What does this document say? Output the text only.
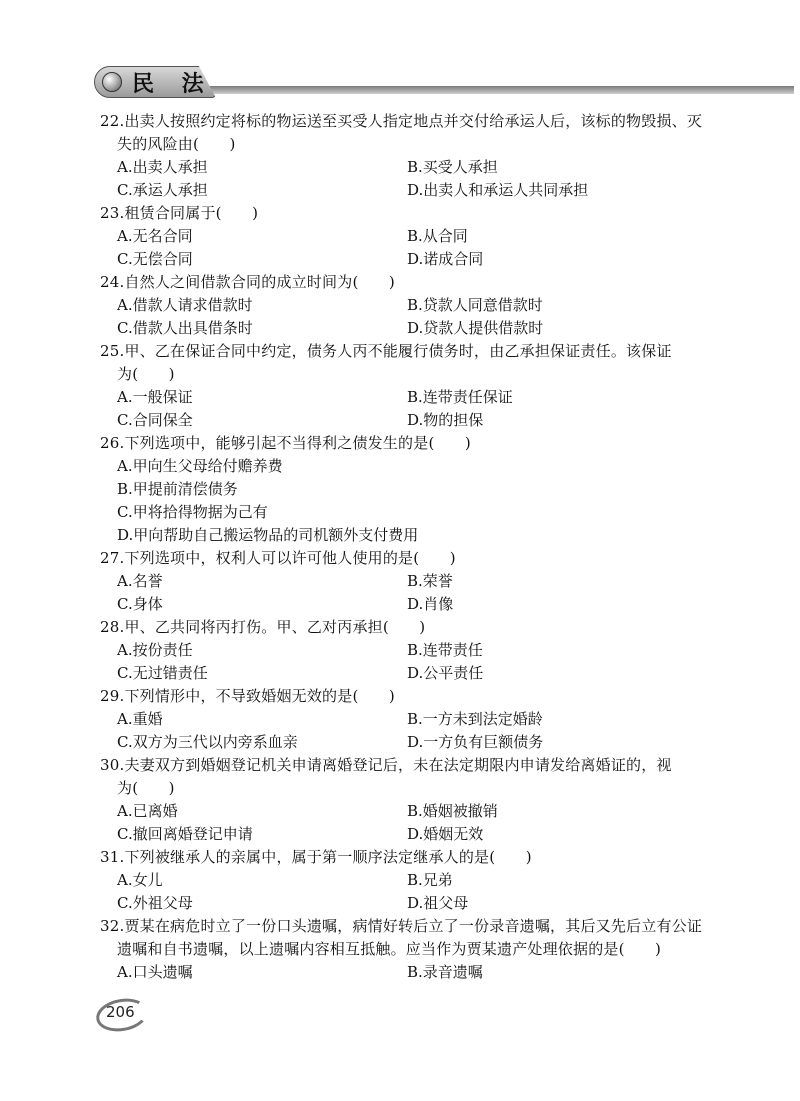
民 法
22.出卖人按照约定将标的物运送至买受人指定地点并交付给承运人后，该标的物毁损、灭
失的风险由(　　)
A.出卖人承担	B.买受人承担
C.承运人承担	D.出卖人和承运人共同承担
23.租赁合同属于(　　)
A.无名合同	B.从合同
C.无偿合同	D.诺成合同
24.自然人之间借款合同的成立时间为(　　)
A.借款人请求借款时	B.贷款人同意借款时
C.借款人出具借条时	D.贷款人提供借款时
25.甲、乙在保证合同中约定，债务人丙不能履行债务时，由乙承担保证责任。该保证
为(　　)
A.一般保证	B.连带责任保证
C.合同保全	D.物的担保
26.下列选项中，能够引起不当得利之债发生的是(　　)
A.甲向生父母给付赡养费
B.甲提前清偿债务
C.甲将拾得物据为己有
D.甲向帮助自己搬运物品的司机额外支付费用
27.下列选项中，权利人可以许可他人使用的是(　　)
A.名誉	B.荣誉
C.身体	D.肖像
28.甲、乙共同将丙打伤。甲、乙对丙承担(　　)
A.按份责任	B.连带责任
C.无过错责任	D.公平责任
29.下列情形中，不导致婚姻无效的是(　　)
A.重婚	B.一方未到法定婚龄
C.双方为三代以内旁系血亲	D.一方负有巨额债务
30.夫妻双方到婚姻登记机关申请离婚登记后，未在法定期限内申请发给离婚证的，视
为(　　)
A.已离婚	B.婚姻被撤销
C.撤回离婚登记申请	D.婚姻无效
31.下列被继承人的亲属中，属于第一顺序法定继承人的是(　　)
A.女儿	B.兄弟
C.外祖父母	D.祖父母
32.贾某在病危时立了一份口头遗嘱，病情好转后立了一份录音遗嘱，其后又先后立有公证
遗嘱和自书遗嘱，以上遗嘱内容相互抵触。应当作为贾某遗产处理依据的是(　　)
A.口头遗嘱	B.录音遗嘱
206
